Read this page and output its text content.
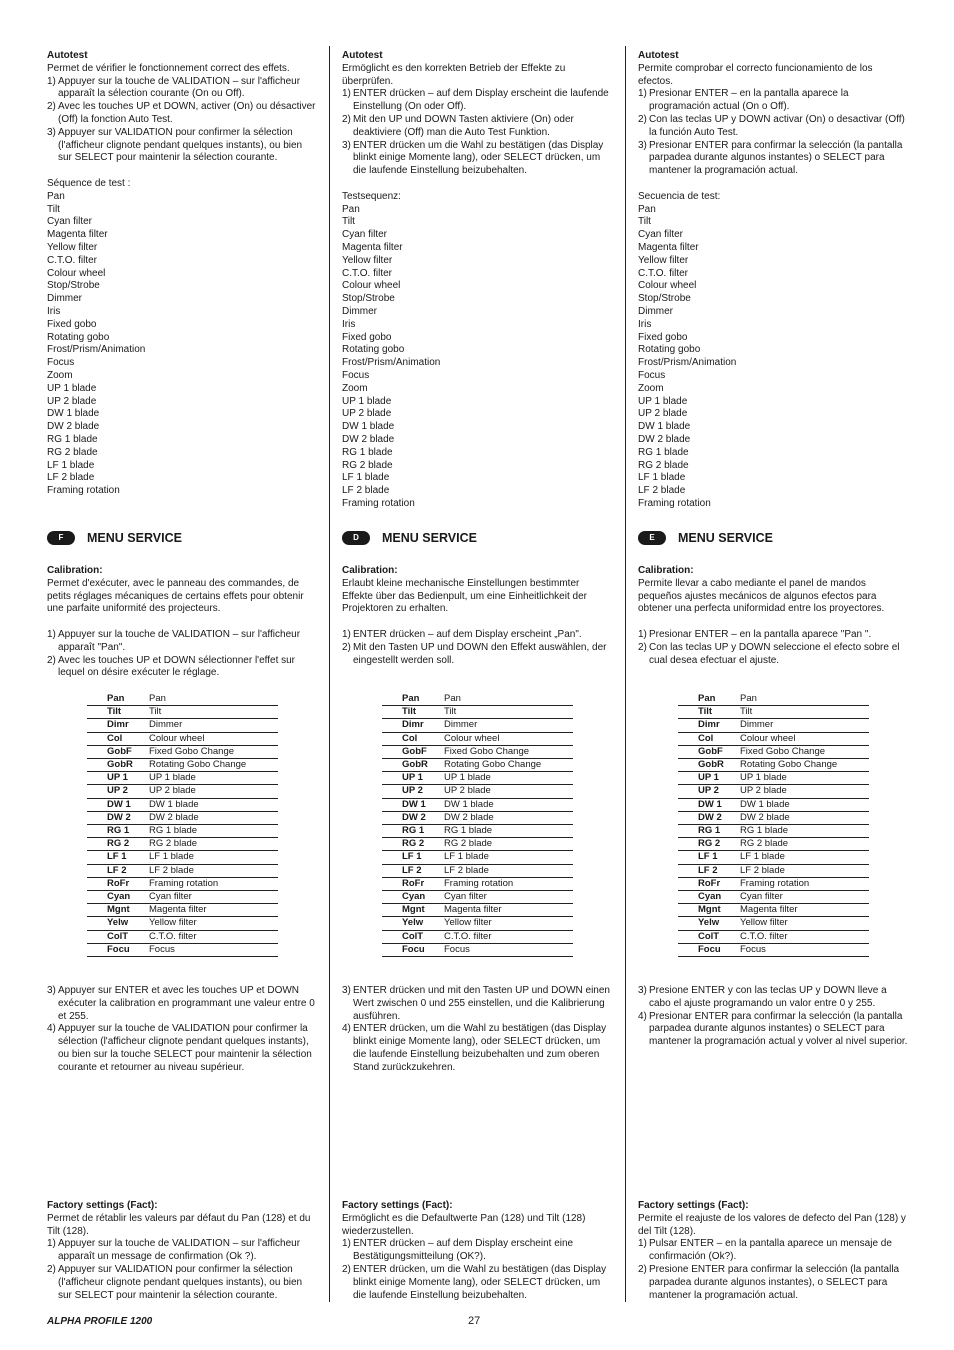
Autotest
Permet de vérifier le fonctionnement correct des effets.
1) Appuyer sur la touche de VALIDATION – sur l'afficheur apparaît la sélection courante (On ou Off).
2) Avec les touches UP et DOWN, activer (On) ou désactiver (Off) la fonction Auto Test.
3) Appuyer sur VALIDATION pour confirmer la sélection (l'afficheur clignote pendant quelques instants), ou bien sur SELECT pour maintenir la sélection courante.
Séquence de test :
Pan
Tilt
Cyan filter
Magenta filter
Yellow filter
C.T.O. filter
Colour wheel
Stop/Strobe
Dimmer
Iris
Fixed gobo
Rotating gobo
Frost/Prism/Animation
Focus
Zoom
UP 1 blade
UP 2 blade
DW 1 blade
DW 2 blade
RG 1 blade
RG 2 blade
LF 1 blade
LF 2 blade
Framing rotation
F	MENU SERVICE
Calibration:
Permet d'exécuter, avec le panneau des commandes, de petits réglages mécaniques de certains effets pour obtenir une parfaite uniformité des projecteurs.
1) Appuyer sur la touche de VALIDATION – sur l'afficheur apparaît "Pan".
2) Avec les touches UP et DOWN sélectionner l'effet sur lequel on désire exécuter le réglage.
Pan	Pan
Tilt	Tilt
Dimr	Dimmer
Col	Colour wheel
GobF	Fixed Gobo Change
GobR	Rotating Gobo Change
UP 1	UP 1 blade
UP 2	UP 2 blade
DW 1	DW 1 blade
DW 2	DW 2 blade
RG 1	RG 1 blade
RG 2	RG 2 blade
LF 1	LF 1 blade
LF 2	LF 2 blade
RoFr	Framing rotation
Cyan	Cyan filter
Mgnt	Magenta filter
Yelw	Yellow filter
ColT	C.T.O. filter
Focu	Focus
3) Appuyer sur ENTER et avec les touches UP et DOWN exécuter la calibration en programmant une valeur entre 0 et 255.
4) Appuyer sur la touche de VALIDATION pour confirmer la sélection (l'afficheur clignote pendant quelques instants), ou bien sur la touche SELECT pour maintenir la sélection courante et retourner au niveau supérieur.
Factory settings (Fact):
Permet de rétablir les valeurs par défaut du Pan (128) et du Tilt (128).
1) Appuyer sur la touche de VALIDATION – sur l'afficheur apparaît un message de confirmation (Ok ?).
2) Appuyer sur VALIDATION pour confirmer la sélection (l'afficheur clignote pendant quelques instants), ou bien sur SELECT pour maintenir la sélection courante.
Autotest
Ermöglicht es den korrekten Betrieb der Effekte zu überprüfen.
1) ENTER drücken – auf dem Display erscheint die laufende Einstellung (On oder Off).
2) Mit den UP und DOWN Tasten aktiviere (On) oder deaktiviere (Off) man die Auto Test Funktion.
3) ENTER drücken um die Wahl zu bestätigen (das Display blinkt einige Momente lang), oder SELECT drücken, um die laufende Einstellung beizubehalten.
Testsequenz:
Pan
Tilt
Cyan filter
Magenta filter
Yellow filter
C.T.O. filter
Colour wheel
Stop/Strobe
Dimmer
Iris
Fixed gobo
Rotating gobo
Frost/Prism/Animation
Focus
Zoom
UP 1 blade
UP 2 blade
DW 1 blade
DW 2 blade
RG 1 blade
RG 2 blade
LF 1 blade
LF 2 blade
Framing rotation
D	MENU SERVICE
Calibration:
Erlaubt kleine mechanische Einstellungen bestimmter Effekte über das Bedienpult, um eine Einheitlichkeit der Projektoren zu erhalten.
1) ENTER drücken – auf dem Display erscheint „Pan".
2) Mit den Tasten UP und DOWN den Effekt auswählen, der eingestellt werden soll.
Pan	Pan
Tilt	Tilt
Dimr	Dimmer
Col	Colour wheel
GobF	Fixed Gobo Change
GobR	Rotating Gobo Change
UP 1	UP 1 blade
UP 2	UP 2 blade
DW 1	DW 1 blade
DW 2	DW 2 blade
RG 1	RG 1 blade
RG 2	RG 2 blade
LF 1	LF 1 blade
LF 2	LF 2 blade
RoFr	Framing rotation
Cyan	Cyan filter
Mgnt	Magenta filter
Yelw	Yellow filter
ColT	C.T.O. filter
Focu	Focus
3) ENTER drücken und mit den Tasten UP und DOWN einen Wert zwischen 0 und 255 einstellen, und die Kalibrierung ausführen.
4) ENTER drücken, um die Wahl zu bestätigen (das Display blinkt einige Momente lang), oder SELECT drücken, um die laufende Einstellung beizubehalten und zum oberen Stand zurückzukehren.
Factory settings (Fact):
Ermöglicht es die Defaultwerte Pan (128) und Tilt (128) wiederzustellen.
1) ENTER drücken – auf dem Display erscheint eine Bestätigungsmitteilung (OK?).
2) ENTER drücken, um die Wahl zu bestätigen (das Display blinkt einige Momente lang), oder SELECT drücken, um die laufende Einstellung beizubehalten.
Autotest
Permite comprobar el correcto funcionamiento de los efectos.
1) Presionar ENTER – en la pantalla aparece la programación actual (On o Off).
2) Con las teclas UP y DOWN activar (On) o desactivar (Off) la función Auto Test.
3) Presionar ENTER para confirmar la selección (la pantalla parpadea durante algunos instantes) o SELECT para mantener la programación actual.
Secuencia de test:
Pan
Tilt
Cyan filter
Magenta filter
Yellow filter
C.T.O. filter
Colour wheel
Stop/Strobe
Dimmer
Iris
Fixed gobo
Rotating gobo
Frost/Prism/Animation
Focus
Zoom
UP 1 blade
UP 2 blade
DW 1 blade
DW 2 blade
RG 1 blade
RG 2 blade
LF 1 blade
LF 2 blade
Framing rotation
E	MENU SERVICE
Calibration:
Permite llevar a cabo mediante el panel de mandos pequeños ajustes mecánicos de algunos efectos para obtener una perfecta uniformidad entre los proyectores.
1) Presionar ENTER – en la pantalla aparece "Pan ".
2) Con las teclas UP y DOWN seleccione el efecto sobre el cual desea efectuar el ajuste.
Pan	Pan
Tilt	Tilt
Dimr	Dimmer
Col	Colour wheel
GobF	Fixed Gobo Change
GobR	Rotating Gobo Change
UP 1	UP 1 blade
UP 2	UP 2 blade
DW 1	DW 1 blade
DW 2	DW 2 blade
RG 1	RG 1 blade
RG 2	RG 2 blade
LF 1	LF 1 blade
LF 2	LF 2 blade
RoFr	Framing rotation
Cyan	Cyan filter
Mgnt	Magenta filter
Yelw	Yellow filter
ColT	C.T.O. filter
Focu	Focus
3) Presione ENTER y con las teclas UP y DOWN lleve a cabo el ajuste programando un valor entre 0 y 255.
4) Presionar ENTER para confirmar la selección (la pantalla parpadea durante algunos instantes) o SELECT para mantener la programación actual y volver al nivel superior.
Factory settings (Fact):
Permite el reajuste de los valores de defecto del Pan (128) y del Tilt (128).
1) Pulsar ENTER – en la pantalla aparece un mensaje de confirmación (Ok?).
2) Presione ENTER para confirmar la selección (la pantalla parpadea durante algunos instantes), o SELECT para mantener la programación actual.
ALPHA PROFILE 1200	27
